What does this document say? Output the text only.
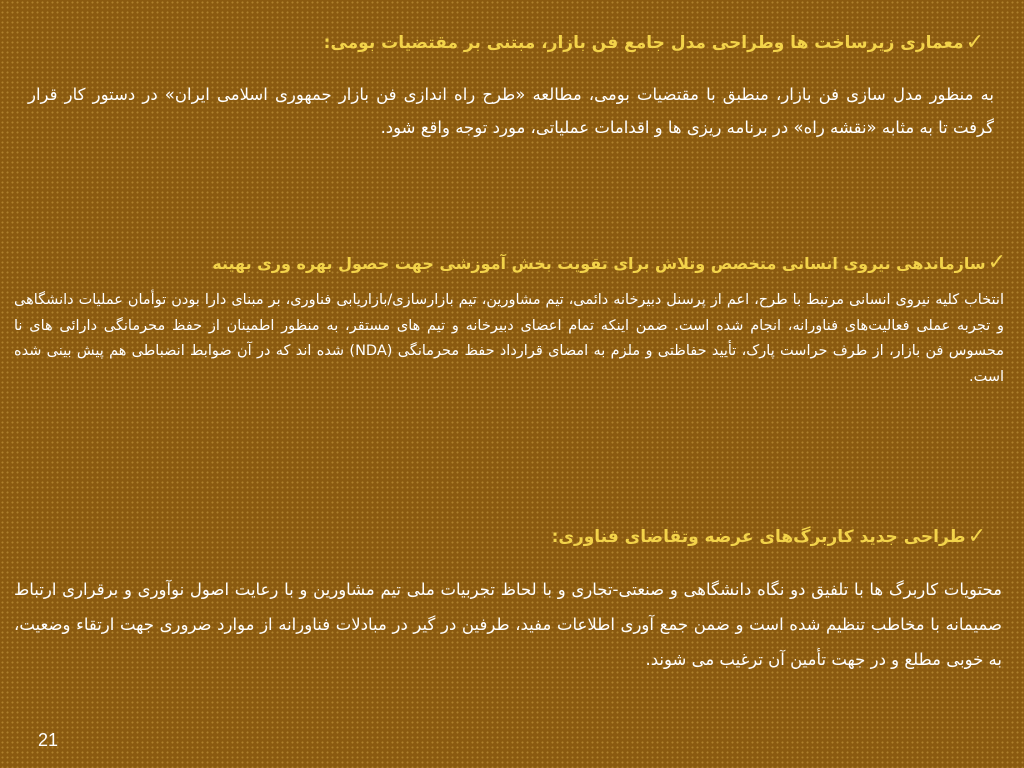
✓
معماری زیرساخت ها وطراحی مدل جامع فن بازار، مبتنی بر مقتضیات بومی:
به منظور مدل سازی فن بازار، منطبق با مقتضیات بومی، مطالعه «طرح راه اندازی فن بازار جمهوری اسلامی ایران» در دستور کار قرار گرفت تا به مثابه «نقشه راه» در برنامه ریزی ها و اقدامات عملیاتی، مورد توجه واقع شود.
✓
سازماندهی نیروی انسانی متخصص وتلاش برای تقویت بخش آموزشی جهت حصول بهره وری بهینه
انتخاب کلیه نیروی انسانی مرتبط با طرح، اعم از پرسنل دبیرخانه دائمی، تیم مشاورین، تیم بازارسازی/بازاریابی فناوری، بر مبنای دارا بودن توأمان عملیات دانشگاهی و تجربه عملی فعالیت‌های فناورانه، انجام شده است. ضمن اینکه تمام اعضای دبیرخانه و تیم های مستقر، به منظور اطمینان از حفظ محرمانگی دارائی های نا محسوس فن بازار، از طرف حراست پارک، تأیید حفاظتی و ملزم به امضای قرارداد حفظ محرمانگی (NDA) شده اند که در آن ضوابط انضباطی هم پیش بینی شده است.
✓
طراحی جدید کاربرگ‌های عرضه وتقاضای فناوری:
محتویات کاربرگ ها با تلفیق دو نگاه دانشگاهی و صنعتی-تجاری و با لحاظ تجربیات ملی تیم مشاورین و با رعایت اصول نوآوری و برقراری ارتباط صمیمانه با مخاطب تنظیم شده است و ضمن جمع آوری اطلاعات مفید، طرفین در گیر در مبادلات فناورانه از موارد ضروری جهت ارتقاء وضعیت، به خوبی مطلع و در جهت تأمین آن ترغیب می شوند.
21
